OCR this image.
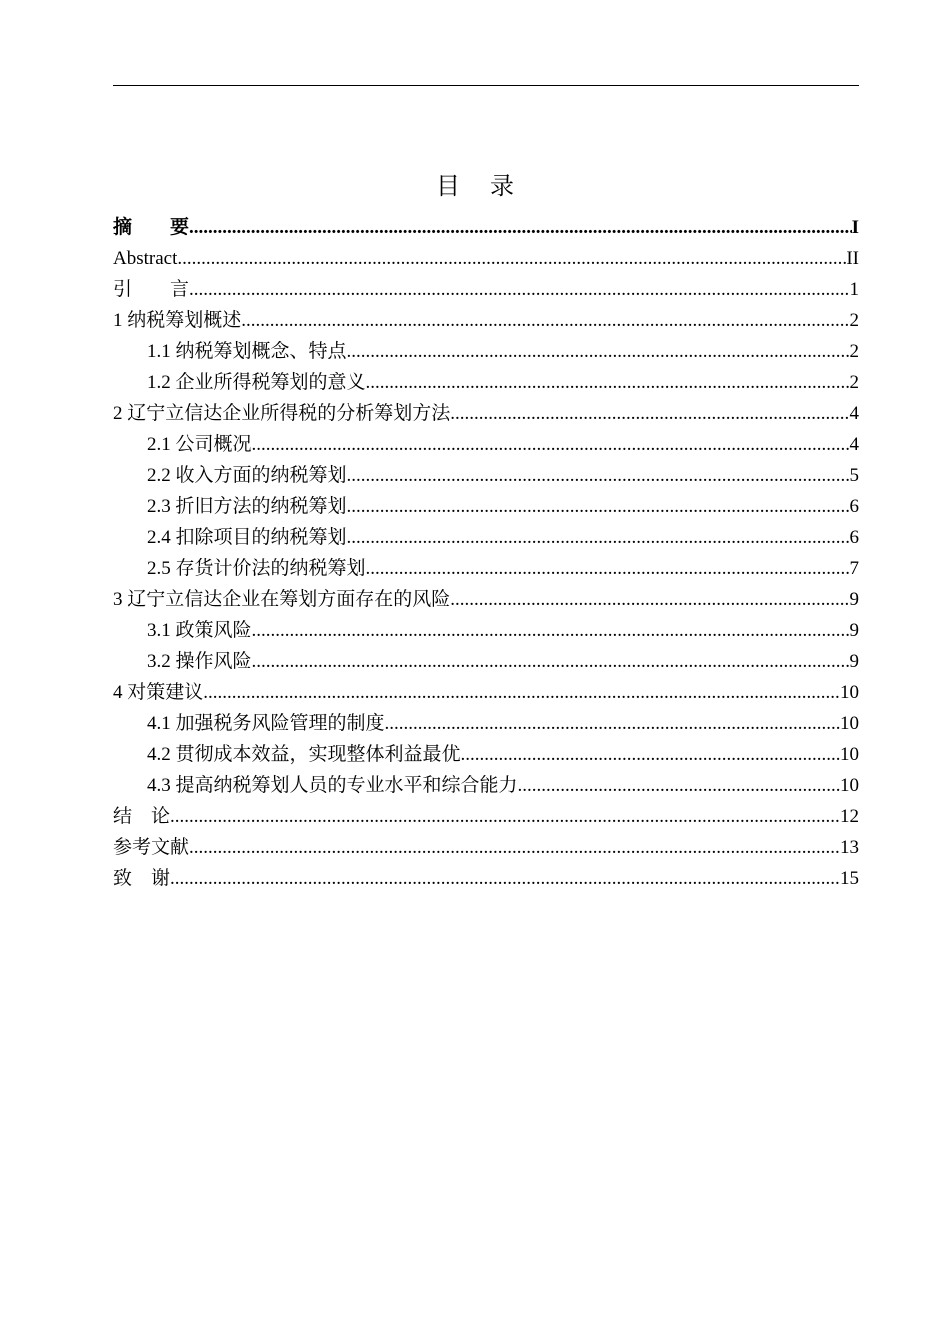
目 录
摘　　要 .....	I
Abstract .....	II
引　　言 .....	1
1 纳税筹划概述 .....	2
1.1 纳税筹划概念、特点 .....	2
1.2 企业所得税筹划的意义 .....	2
2 辽宁立信达企业所得税的分析筹划方法 .....	4
2.1 公司概况 .....	4
2.2 收入方面的纳税筹划 .....	5
2.3 折旧方法的纳税筹划 .....	6
2.4 扣除项目的纳税筹划 .....	6
2.5 存货计价法的纳税筹划 .....	7
3 辽宁立信达企业在筹划方面存在的风险 .....	9
3.1 政策风险 .....	9
3.2 操作风险 .....	9
4 对策建议 .....	10
4.1 加强税务风险管理的制度 .....	10
4.2 贯彻成本效益，实现整体利益最优 .....	10
4.3 提高纳税筹划人员的专业水平和综合能力 .....	10
结　论 .....	12
参考文献 .....	13
致　谢 .....	15
